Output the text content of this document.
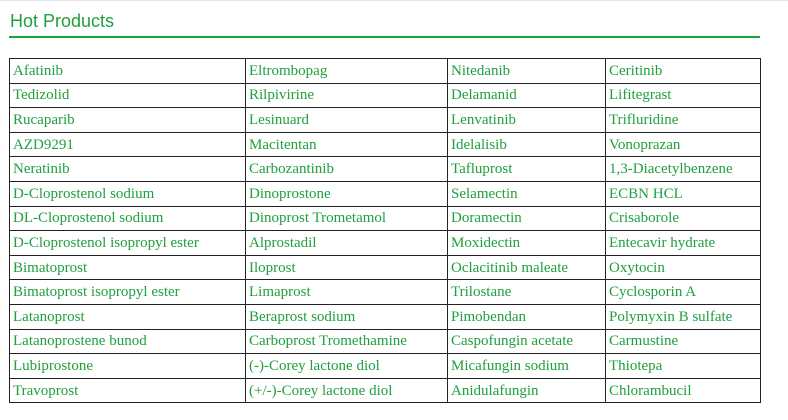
Hot Products
Afatinib	Eltrombopag	Nitedanib	Ceritinib
Tedizolid	Rilpivirine	Delamanid	Lifitegrast
Rucaparib	Lesinuard	Lenvatinib	Trifluridine
AZD9291	Macitentan	Idelalisib	Vonoprazan
Neratinib	Carbozantinib	Tafluprost	1,3-Diacetylbenzene
D-Cloprostenol sodium	Dinoprostone	Selamectin	ECBN HCL
DL-Cloprostenol sodium	Dinoprost Trometamol	Doramectin	Crisaborole
D-Cloprostenol isopropyl ester	Alprostadil	Moxidectin	Entecavir hydrate
Bimatoprost	Iloprost	Oclacitinib maleate	Oxytocin
Bimatoprost isopropyl ester	Limaprost	Trilostane	Cyclosporin A
Latanoprost	Beraprost sodium	Pimobendan	Polymyxin B sulfate
Latanoprostene bunod	Carboprost Tromethamine	Caspofungin acetate	Carmustine
Lubiprostone	(-)-Corey lactone diol	Micafungin sodium	Thiotepa
Travoprost	(+/-)-Corey lactone diol	Anidulafungin	Chlorambucil
